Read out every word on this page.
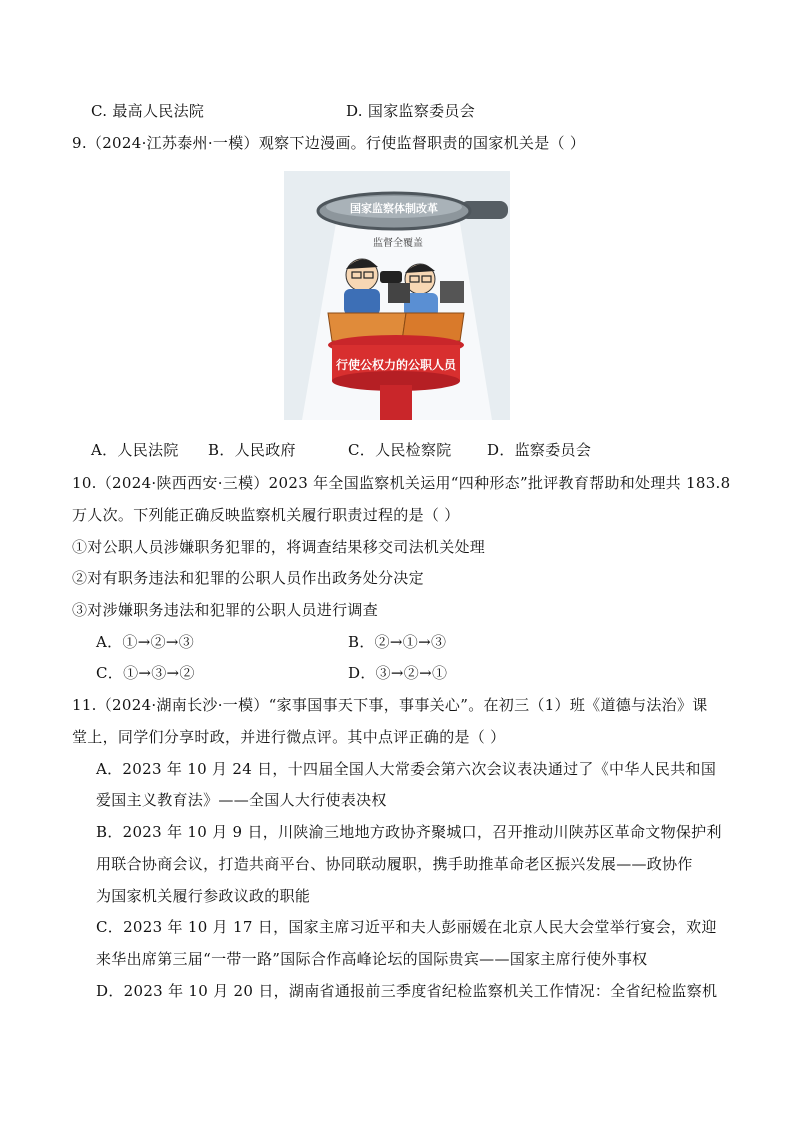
C. 最高人民法院	D. 国家监察委员会
9.（2024·江苏泰州·一模）观察下边漫画。行使监督职责的国家机关是（ ）
国家监察体制改革
监督全覆盖
行使公权力的公职人员
A．人民法院 B．人民政府	C．人民检察院 D．监察委员会
10.（2024·陕西西安·三模）2023 年全国监察机关运用“四种形态”批评教育帮助和处理共 183.8
万人次。下列能正确反映监察机关履行职责过程的是（ ）
①对公职人员涉嫌职务犯罪的，将调查结果移交司法机关处理
②对有职务违法和犯罪的公职人员作出政务处分决定
③对涉嫌职务违法和犯罪的公职人员进行调查
A．①→②→③	B．②→①→③
C．①→③→②	D．③→②→①
11.（2024·湖南长沙·一模）“家事国事天下事，事事关心”。在初三（1）班《道德与法治》课
堂上，同学们分享时政，并进行微点评。其中点评正确的是（ ）
A．2023 年 10 月 24 日，十四届全国人大常委会第六次会议表决通过了《中华人民共和国
爱国主义教育法》——全国人大行使表决权
B．2023 年 10 月 9 日，川陕渝三地地方政协齐聚城口，召开推动川陕苏区革命文物保护利
用联合协商会议，打造共商平台、协同联动履职，携手助推革命老区振兴发展——政协作
为国家机关履行参政议政的职能
C．2023 年 10 月 17 日，国家主席习近平和夫人彭丽媛在北京人民大会堂举行宴会，欢迎
来华出席第三届“一带一路”国际合作高峰论坛的国际贵宾——国家主席行使外事权
D．2023 年 10 月 20 日，湖南省通报前三季度省纪检监察机关工作情况：全省纪检监察机
